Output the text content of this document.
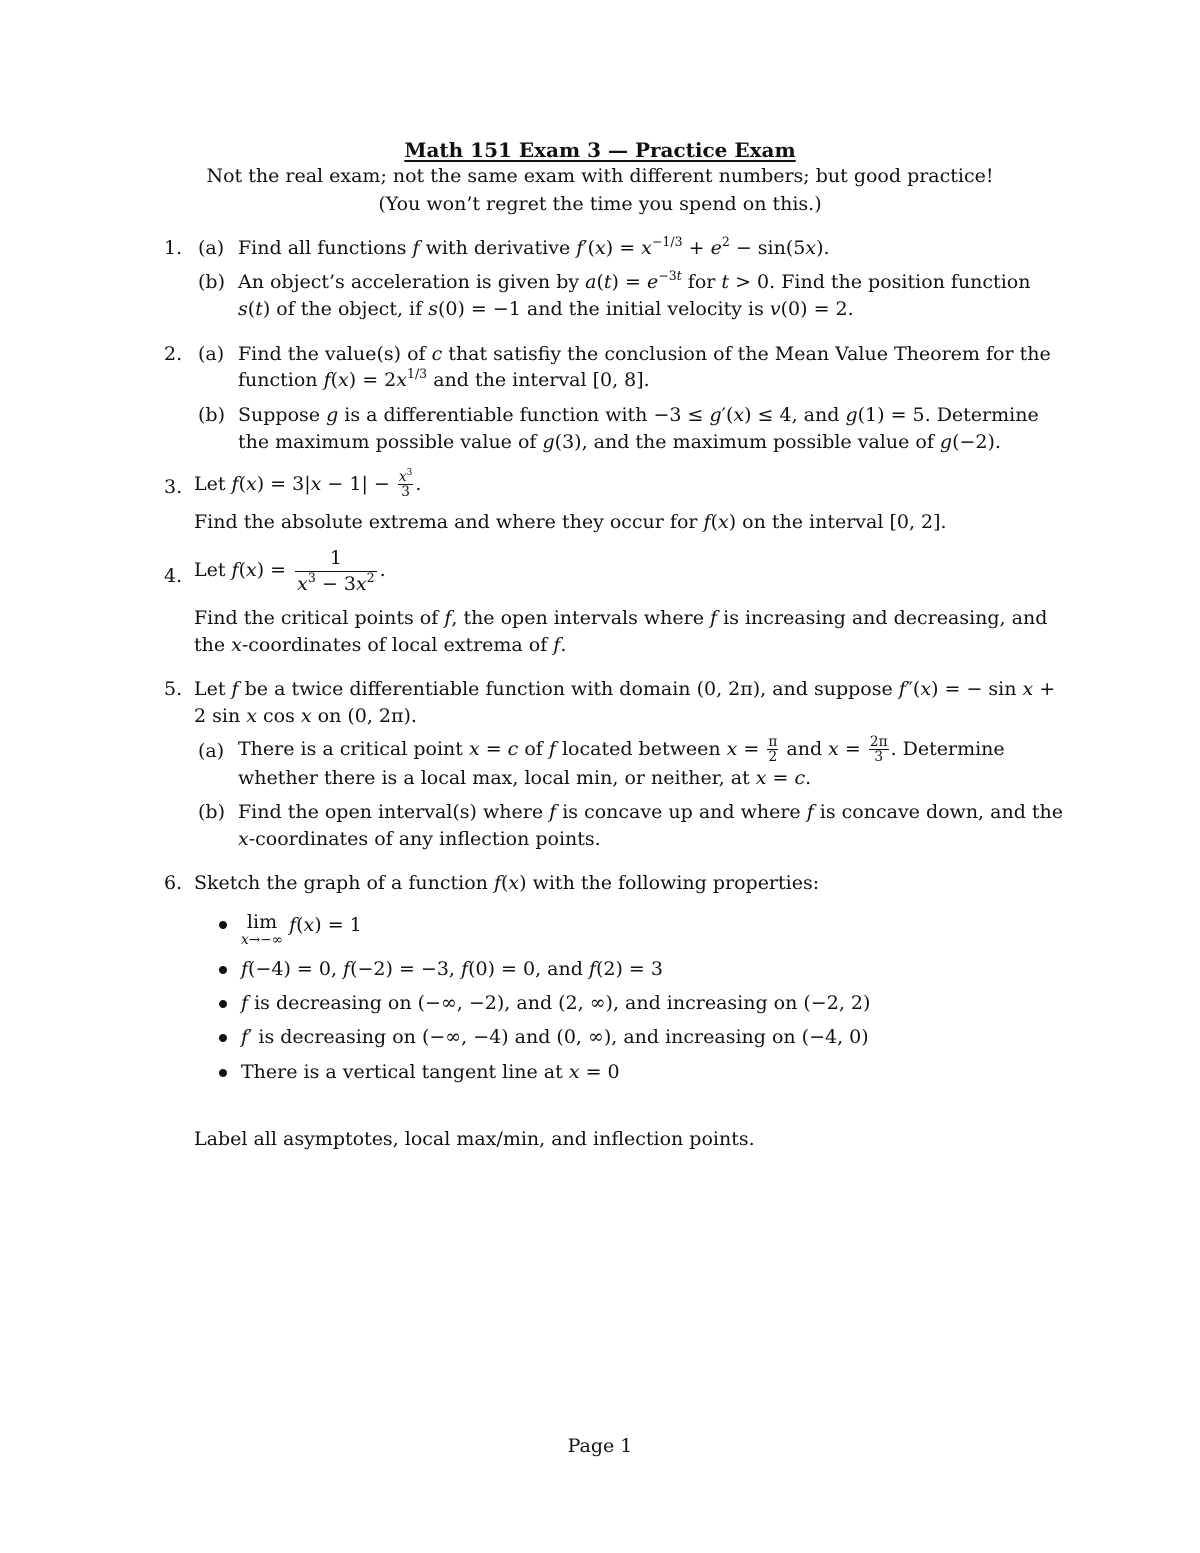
Math 151 Exam 3 — Practice Exam
Not the real exam; not the same exam with different numbers; but good practice!
(You won’t regret the time you spend on this.)
1. (a) Find all functions f with derivative $f'(x) = x^{-1/3} + e^2 - \sin(5x)$.
(b) An object’s acceleration is given by $a(t) = e^{-3t}$ for t > 0. Find the position function
s(t) of the object, if s(0) = −1 and the initial velocity is v(0) = 2.
2. (a) Find the value(s) of c that satisfiy the conclusion of the Mean Value Theorem for the
function $f(x) = 2x^{1/3}$ and the interval [0, 8].
(b) Suppose g is a differentiable function with −3 ≤ g′(x) ≤ 4, and g(1) = 5. Determine
the maximum possible value of g(3), and the maximum possible value of g(−2).
3. Let $f(x) = 3|x - 1| - \frac{x^3}{3}$ .
Find the absolute extrema and where they occur for f(x) on the interval [0, 2].
4. Let $f(x) = \frac{1}{x^3 - 3x^2}$ .
Find the critical points of f, the open intervals where f is increasing and decreasing, and
the x-coordinates of local extrema of f.
5. Let f be a twice differentiable function with domain (0, 2π), and suppose f″(x) = − sin x +
2 sin x cos x on (0, 2π).
(a) There is a critical point x = c of f located between $x = \frac{\pi}{2}$ and $x = \frac{2\pi}{3}$ . Determine
whether there is a local max, local min, or neither, at x = c.
(b) Find the open interval(s) where f is concave up and where f is concave down, and the
x-coordinates of any inflection points.
6. Sketch the graph of a function f(x) with the following properties:
lim
x→−∞
f(x) = 1
f(−4) = 0, f(−2) = −3, f(0) = 0, and f(2) = 3
f is decreasing on (−∞, −2), and (2, ∞), and increasing on (−2, 2)
f′ is decreasing on (−∞, −4) and (0, ∞), and increasing on (−4, 0)
There is a vertical tangent line at x = 0
Label all asymptotes, local max/min, and inflection points.
Page 1
